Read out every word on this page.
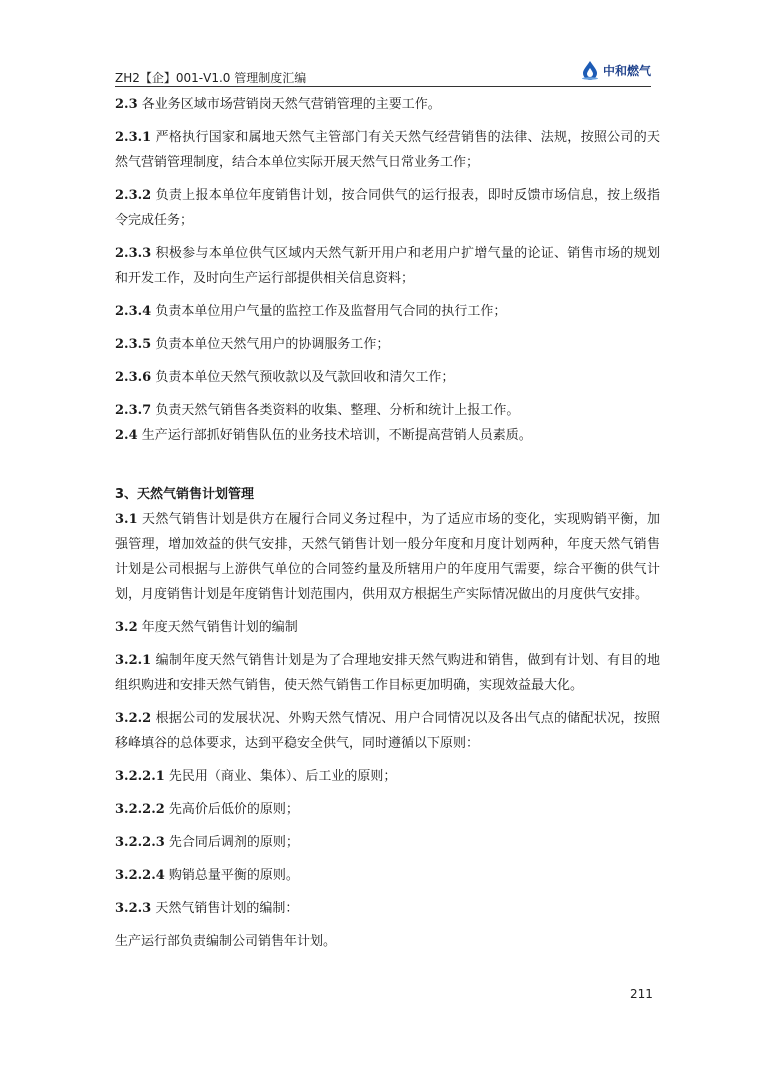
ZH2【企】001-V1.0 管理制度汇编
中和燃气

2.3 各业务区域市场营销岗天然气营销管理的主要工作。

2.3.1 严格执行国家和属地天然气主管部门有关天然气经营销售的法律、法规，按照公司的天然气营销管理制度，结合本单位实际开展天然气日常业务工作；

2.3.2 负责上报本单位年度销售计划，按合同供气的运行报表，即时反馈市场信息，按上级指令完成任务；

2.3.3 积极参与本单位供气区域内天然气新开用户和老用户扩增气量的论证、销售市场的规划和开发工作，及时向生产运行部提供相关信息资料；

2.3.4 负责本单位用户气量的监控工作及监督用气合同的执行工作；

2.3.5 负责本单位天然气用户的协调服务工作；

2.3.6 负责本单位天然气预收款以及气款回收和清欠工作；

2.3.7 负责天然气销售各类资料的收集、整理、分析和统计上报工作。

2.4 生产运行部抓好销售队伍的业务技术培训，不断提高营销人员素质。

3、天然气销售计划管理

3.1 天然气销售计划是供方在履行合同义务过程中，为了适应市场的变化，实现购销平衡，加强管理，增加效益的供气安排，天然气销售计划一般分年度和月度计划两种，年度天然气销售计划是公司根据与上游供气单位的合同签约量及所辖用户的年度用气需要，综合平衡的供气计划，月度销售计划是年度销售计划范围内，供用双方根据生产实际情况做出的月度供气安排。

3.2 年度天然气销售计划的编制

3.2.1 编制年度天然气销售计划是为了合理地安排天然气购进和销售，做到有计划、有目的地组织购进和安排天然气销售，使天然气销售工作目标更加明确，实现效益最大化。

3.2.2 根据公司的发展状况、外购天然气情况、用户合同情况以及各出气点的储配状况，按照移峰填谷的总体要求，达到平稳安全供气，同时遵循以下原则：

3.2.2.1 先民用（商业、集体）、后工业的原则；

3.2.2.2 先高价后低价的原则；

3.2.2.3 先合同后调剂的原则；

3.2.2.4 购销总量平衡的原则。

3.2.3 天然气销售计划的编制：

生产运行部负责编制公司销售年计划。

211
